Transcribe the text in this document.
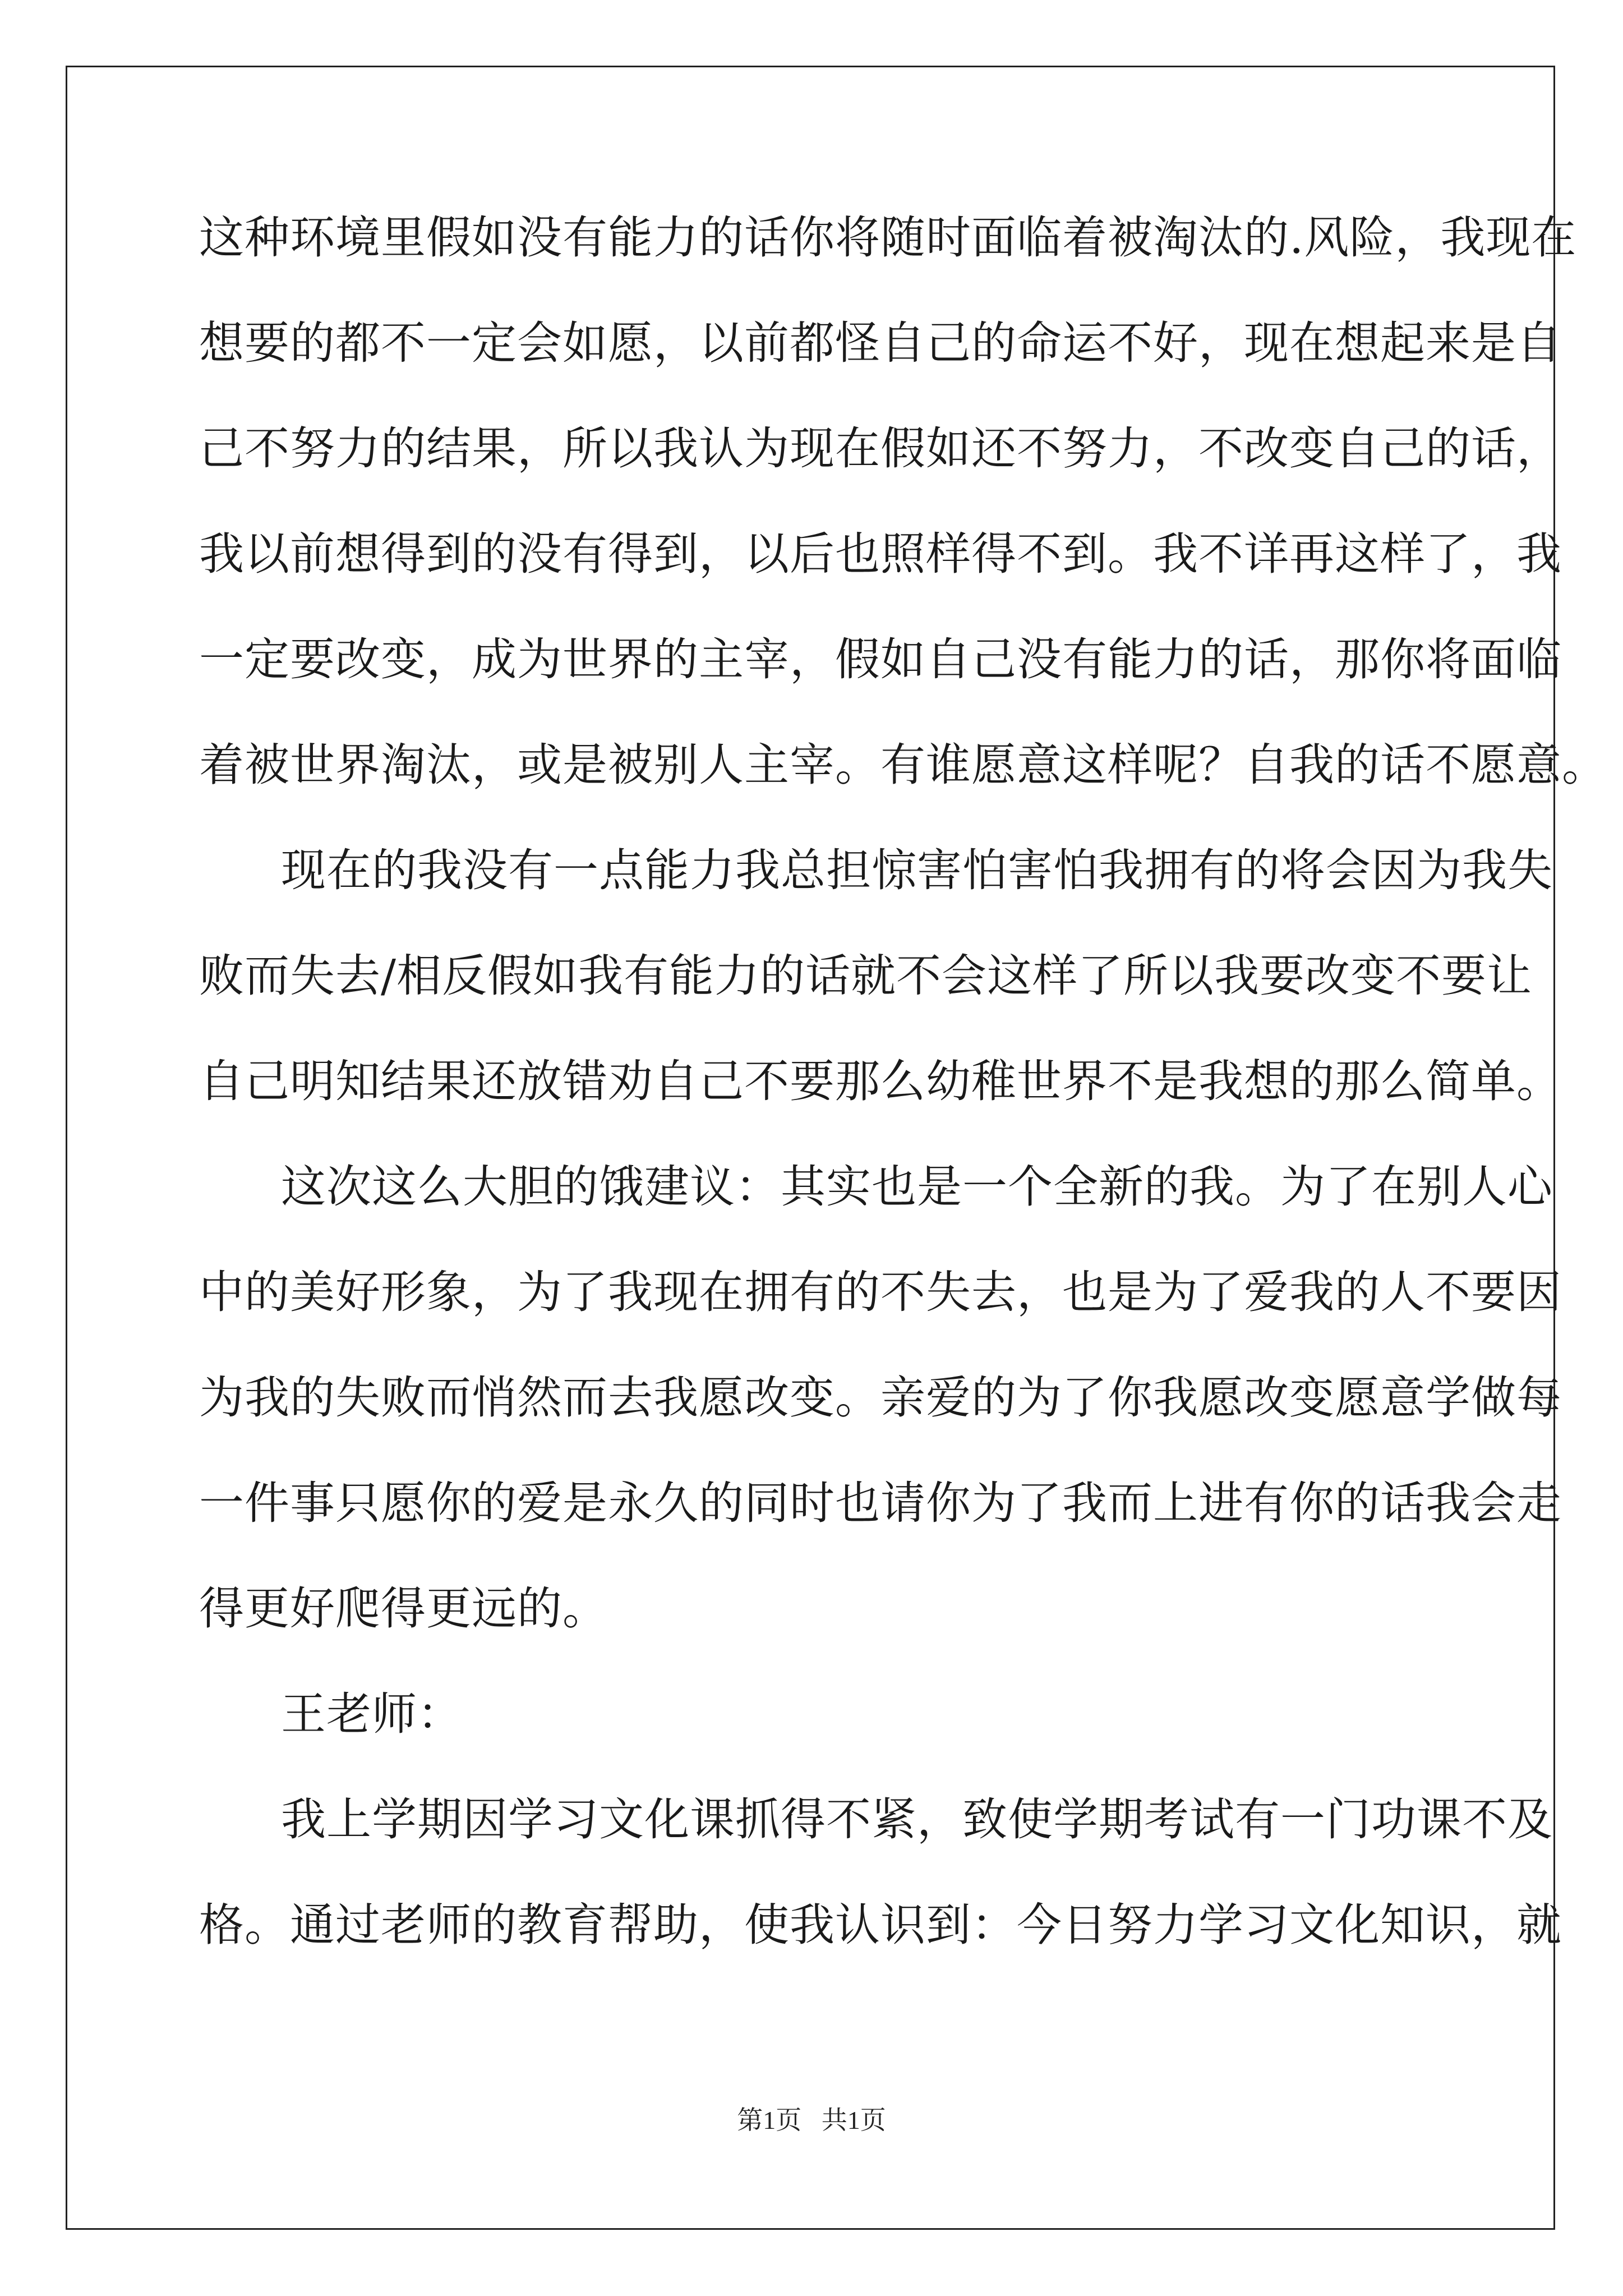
这种环境里假如没有能力的话你将随时面临着被淘汰的.风险，我现在
想要的都不一定会如愿，以前都怪自己的命运不好，现在想起来是自
己不努力的结果，所以我认为现在假如还不努力，不改变自己的话，
我以前想得到的没有得到，以后也照样得不到。我不详再这样了，我
一定要改变，成为世界的主宰，假如自己没有能力的话，那你将面临
着被世界淘汰，或是被别人主宰。有谁愿意这样呢？自我的话不愿意。
现在的我没有一点能力我总担惊害怕害怕我拥有的将会因为我失
败而失去/相反假如我有能力的话就不会这样了所以我要改变不要让
自己明知结果还放错劝自己不要那么幼稚世界不是我想的那么简单。
这次这么大胆的饿建议：其实也是一个全新的我。为了在别人心
中的美好形象，为了我现在拥有的不失去，也是为了爱我的人不要因
为我的失败而悄然而去我愿改变。亲爱的为了你我愿改变愿意学做每
一件事只愿你的爱是永久的同时也请你为了我而上进有你的话我会走
得更好爬得更远的。
王老师：
我上学期因学习文化课抓得不紧，致使学期考试有一门功课不及
格。通过老师的教育帮助，使我认识到：今日努力学习文化知识，就
第1页 共1页
